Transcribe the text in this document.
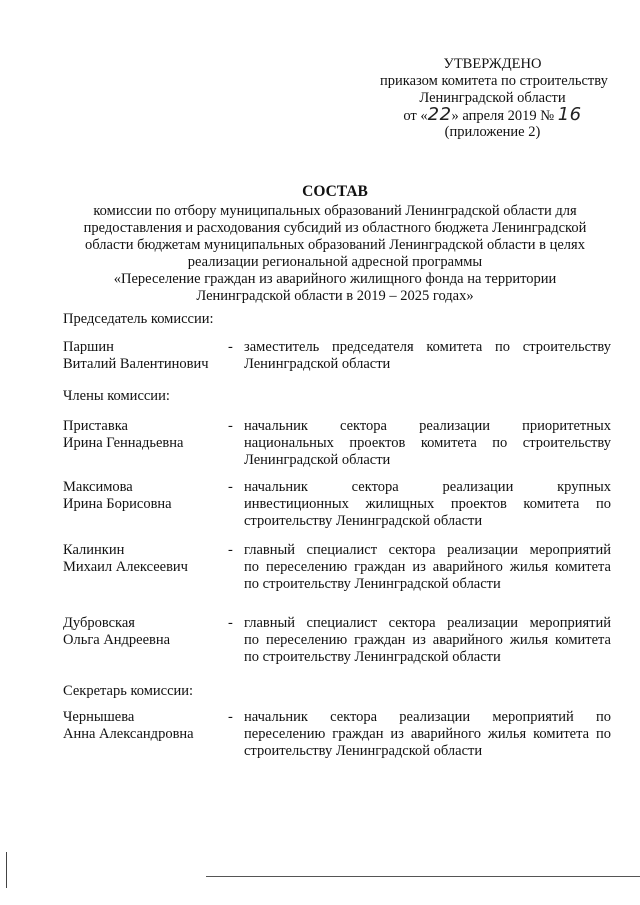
УТВЕРЖДЕНО
приказом комитета по строительству
Ленинградской области
от «22» апреля 2019 № 16
(приложение 2)
СОСТАВ
комиссии по отбору муниципальных образований Ленинградской области для
предоставления и расходования субсидий из областного бюджета Ленинградской
области бюджетам муниципальных образований Ленинградской области в целях
реализации региональной адресной программы
«Переселение граждан из аварийного жилищного фонда на территории
Ленинградской области в 2019 – 2025 годах»
Председатель комиссии:
Паршин
Виталий Валентинович
- заместитель председателя комитета по строительству
Ленинградской области
Члены комиссии:
Приставка
Ирина Геннадьевна
- начальник сектора реализации приоритетных
национальных проектов комитета по строительству
Ленинградской области
Максимова
Ирина Борисовна
- начальник сектора реализации крупных
инвестиционных жилищных проектов комитета по
строительству Ленинградской области
Калинкин
Михаил Алексеевич
- главный специалист сектора реализации мероприятий
по переселению граждан из аварийного жилья комитета
по строительству Ленинградской области
Дубровская
Ольга Андреевна
- главный специалист сектора реализации мероприятий
по переселению граждан из аварийного жилья комитета
по строительству Ленинградской области
Секретарь комиссии:
Чернышева
Анна Александровна
- начальник сектора реализации мероприятий по
переселению граждан из аварийного жилья комитета по
строительству Ленинградской области
